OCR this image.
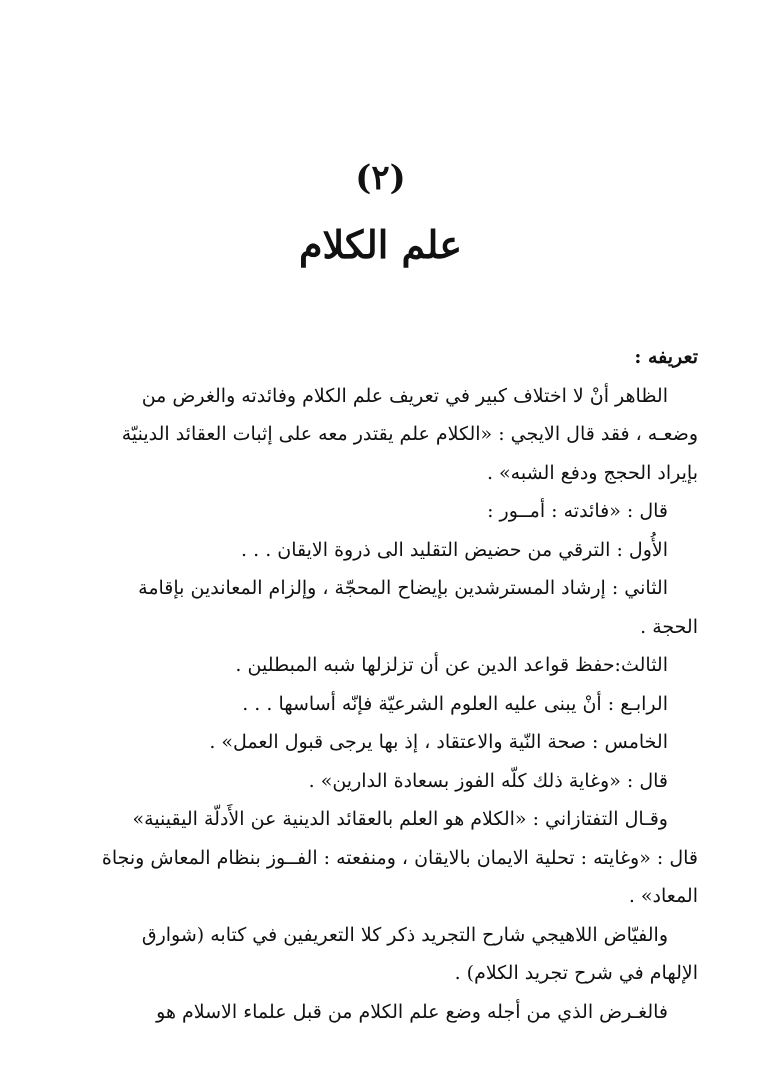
(٢)
علم الكلام
تعريفه :
الظاهر أنْ لا اختلاف كبير في تعريف علم الكلام وفائدته والغرض من
وضعـه ، فقد قال الايجي : «الكلام علم يقتدر معه على إثبات العقائد الدينيّة
بإيراد الحجج ودفع الشبه» .
قال : «فائدته : أمــور :
الأُول : الترقي من حضيض التقليد الى ذروة الايقان . . .
الثاني : إرشاد المسترشدين بإيضاح المحجّة ، وإلزام المعاندين بإقامة
الحجة .
الثالث:حفظ قواعد الدين عن أن تزلزلها شبه المبطلين .
الرابـع : أنْ يبنى عليه العلوم الشرعيّة فإنّه أساسها . . .
الخامس : صحة النّية والاعتقاد ، إذ بها يرجى قبول العمل» .
قال : «وغاية ذلك كلّه الفوز بسعادة الدارين» .
وقـال التفتازاني : «الكلام هو العلم بالعقائد الدينية عن الأَدلّة اليقينية»
قال : «وغايته : تحلية الايمان بالايقان ، ومنفعته : الفــوز بنظام المعاش ونجاة
المعاد» .
والفيّاض اللاهيجي شارح التجريد ذكر كلا التعريفين في كتابه (شوارق
الإلهام في شرح تجريد الكلام) .
فالغـرض الذي من أجله وضع علم الكلام من قبل علماء الاسلام هو
